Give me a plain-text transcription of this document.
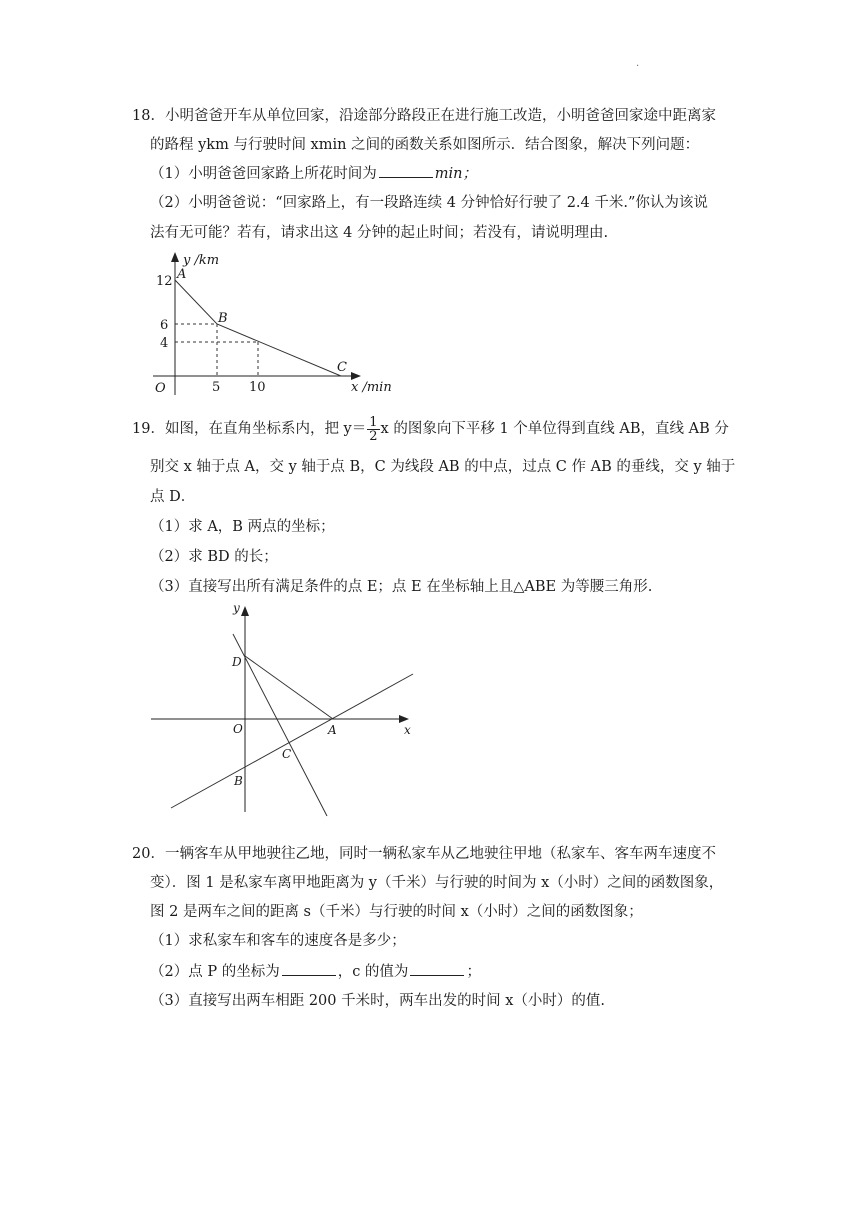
.
18．小明爸爸开车从单位回家，沿途部分路段正在进行施工改造，小明爸爸回家途中距离家
的路程 ykm 与行驶时间 xmin 之间的函数关系如图所示．结合图象，解决下列问题：
（1）小明爸爸回家路上所花时间为	min；
（2）小明爸爸说：“回家路上，有一段路连续 4 分钟恰好行驶了 2.4 千米.”你认为该说
法有无可能？若有，请求出这 4 分钟的起止时间；若没有，请说明理由.
y /km
x /min
O
12
6
4
5 10
A
B
C
19．如图，在直角坐标系内，把 $y= \frac{1}{2}$ x 的图象向下平移 1 个单位得到直线 AB，直线 AB 分
别交 x 轴于点 A，交 y 轴于点 B，C 为线段 AB 的中点，过点 C 作 AB 的垂线，交 y 轴于
点 D．
（1）求 A，B 两点的坐标；
（2）求 BD 的长；
（3）直接写出所有满足条件的点 E；点 E 在坐标轴上且△ABE 为等腰三角形.
y
x
O
D
A
C
B
20．一辆客车从甲地驶往乙地，同时一辆私家车从乙地驶往甲地（私家车、客车两车速度不
变）．图 1 是私家车离甲地距离为 y（千米）与行驶的时间为 x（小时）之间的函数图象，
图 2 是两车之间的距离 s（千米）与行驶的时间 x（小时）之间的函数图象；
（1）求私家车和客车的速度各是多少；
（2）点 P 的坐标为	，c 的值为	；
（3）直接写出两车相距 200 千米时，两车出发的时间 x（小时）的值.
